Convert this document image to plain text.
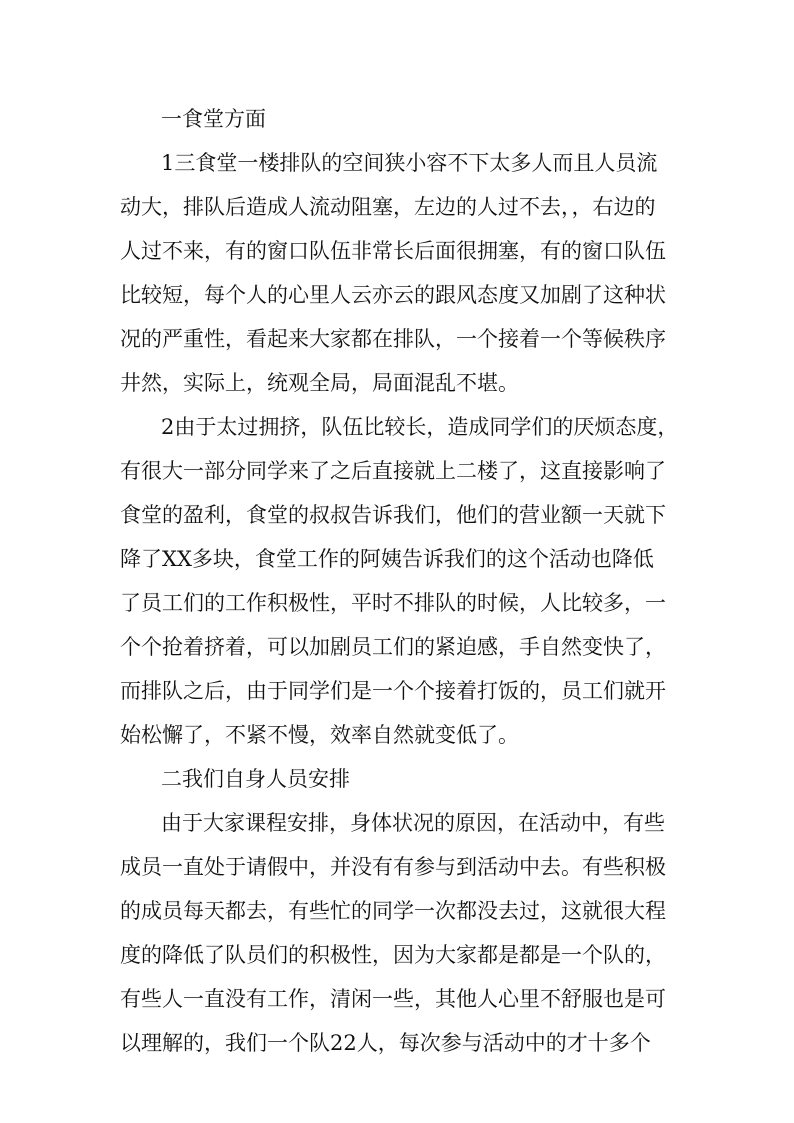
一食堂方面
1三食堂一楼排队的空间狭小容不下太多人而且人员流
动大，排队后造成人流动阻塞，左边的人过不去，，右边的
人过不来，有的窗口队伍非常长后面很拥塞，有的窗口队伍
比较短，每个人的心里人云亦云的跟风态度又加剧了这种状
况的严重性，看起来大家都在排队，一个接着一个等候秩序
井然，实际上，统观全局，局面混乱不堪。
2由于太过拥挤，队伍比较长，造成同学们的厌烦态度，
有很大一部分同学来了之后直接就上二楼了，这直接影响了
食堂的盈利，食堂的叔叔告诉我们，他们的营业额一天就下
降了XX多块，食堂工作的阿姨告诉我们的这个活动也降低
了员工们的工作积极性，平时不排队的时候，人比较多，一
个个抢着挤着，可以加剧员工们的紧迫感，手自然变快了，
而排队之后，由于同学们是一个个接着打饭的，员工们就开
始松懈了，不紧不慢，效率自然就变低了。
二我们自身人员安排
由于大家课程安排，身体状况的原因，在活动中，有些
成员一直处于请假中，并没有有参与到活动中去。有些积极
的成员每天都去，有些忙的同学一次都没去过，这就很大程
度的降低了队员们的积极性，因为大家都是都是一个队的，
有些人一直没有工作，清闲一些，其他人心里不舒服也是可
以理解的，我们一个队22人，每次参与活动中的才十多个
